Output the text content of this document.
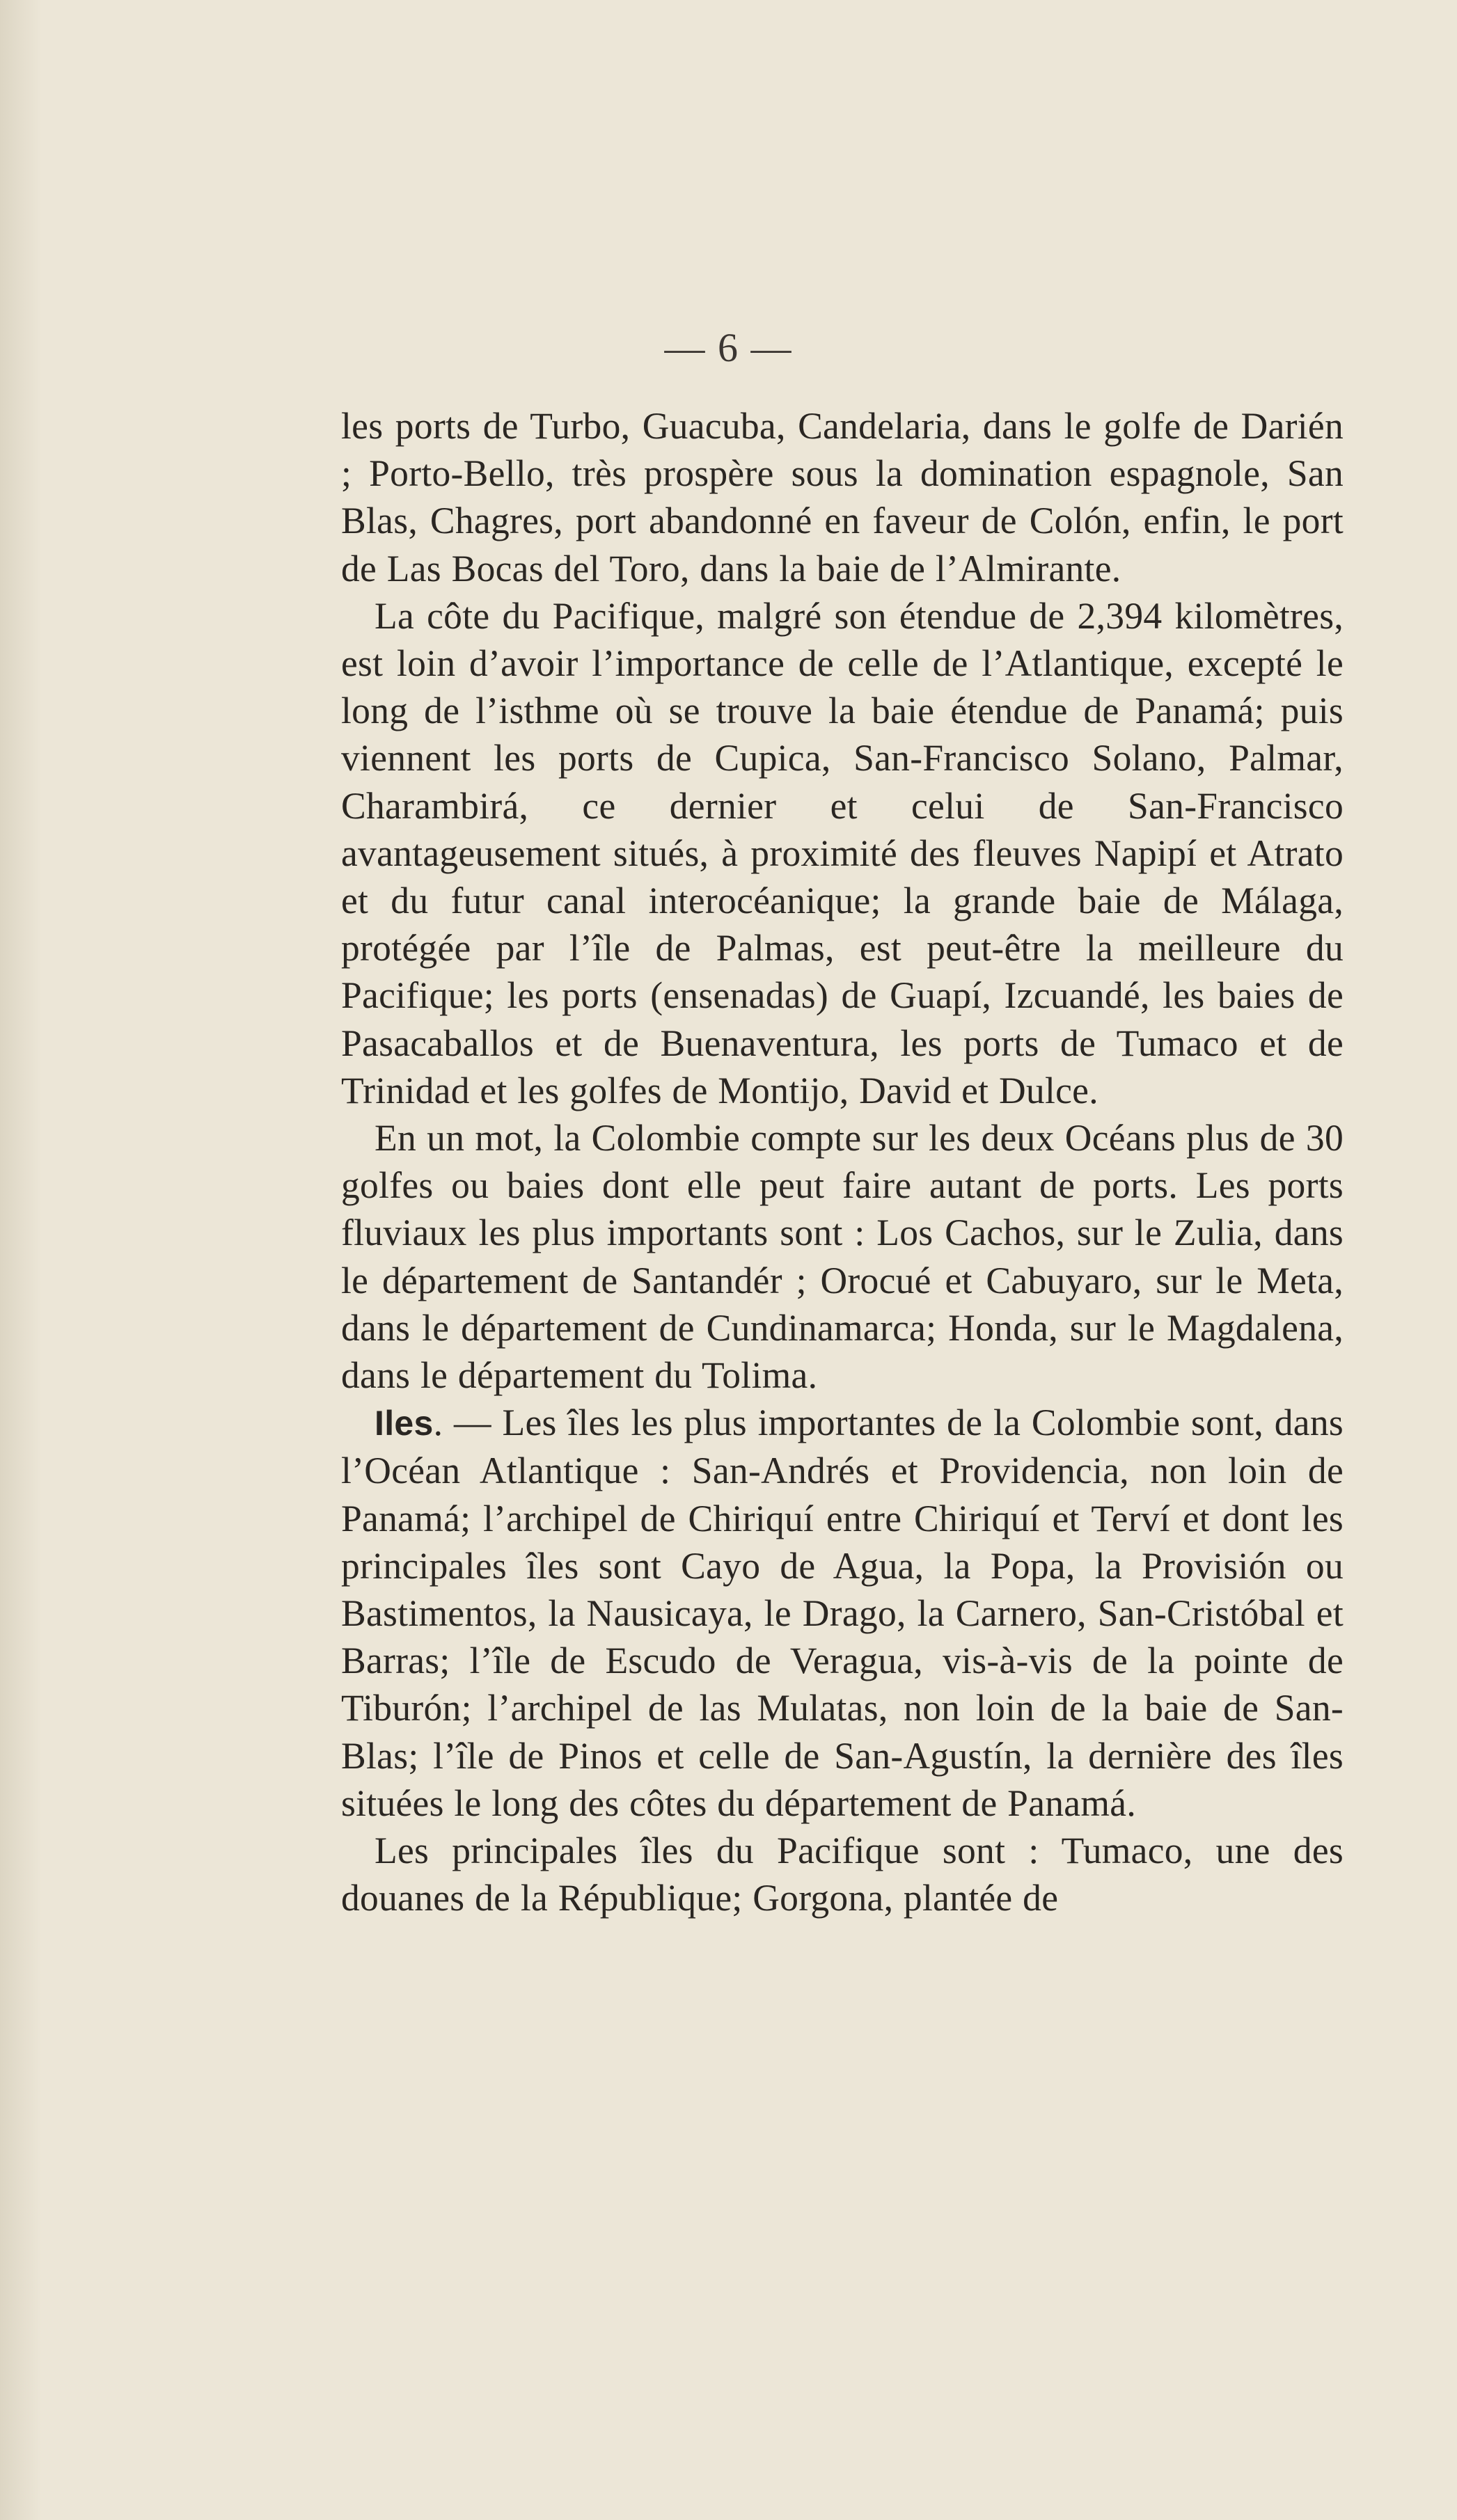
— 6 —

les ports de Turbo, Guacuba, Candelaria, dans le golfe de Darién ; Porto-Bello, très prospère sous la domination espagnole, San Blas, Chagres, port abandonné en faveur de Colón, enfin, le port de Las Bocas del Toro, dans la baie de l’Almirante.

La côte du Pacifique, malgré son étendue de 2,394 kilomètres, est loin d’avoir l’importance de celle de l’Atlantique, excepté le long de l’isthme où se trouve la baie étendue de Panamá; puis viennent les ports de Cupica, San-Francisco Solano, Palmar, Charambirá, ce dernier et celui de San-Francisco avantageusement situés, à proximité des fleuves Napipí et Atrato et du futur canal interocéanique; la grande baie de Málaga, protégée par l’île de Palmas, est peut-être la meilleure du Pacifique; les ports (ensenadas) de Guapí, Izcuandé, les baies de Pasacaballos et de Buenaventura, les ports de Tumaco et de Trinidad et les golfes de Montijo, David et Dulce.

En un mot, la Colombie compte sur les deux Océans plus de 30 golfes ou baies dont elle peut faire autant de ports. Les ports fluviaux les plus importants sont : Los Cachos, sur le Zulia, dans le département de Santandér ; Orocué et Cabuyaro, sur le Meta, dans le département de Cundinamarca; Honda, sur le Magdalena, dans le département du Tolima.

Iles. — Les îles les plus importantes de la Colombie sont, dans l’Océan Atlantique : San-Andrés et Providencia, non loin de Panamá; l’archipel de Chiriquí entre Chiriquí et Terví et dont les principales îles sont Cayo de Agua, la Popa, la Provisión ou Bastimentos, la Nausicaya, le Drago, la Carnero, San-Cristóbal et Barras; l’île de Escudo de Veragua, vis-à-vis de la pointe de Tiburón; l’archipel de las Mulatas, non loin de la baie de San-Blas; l’île de Pinos et celle de San-Agustín, la dernière des îles situées le long des côtes du département de Panamá.

Les principales îles du Pacifique sont : Tumaco, une des douanes de la République; Gorgona, plantée de
